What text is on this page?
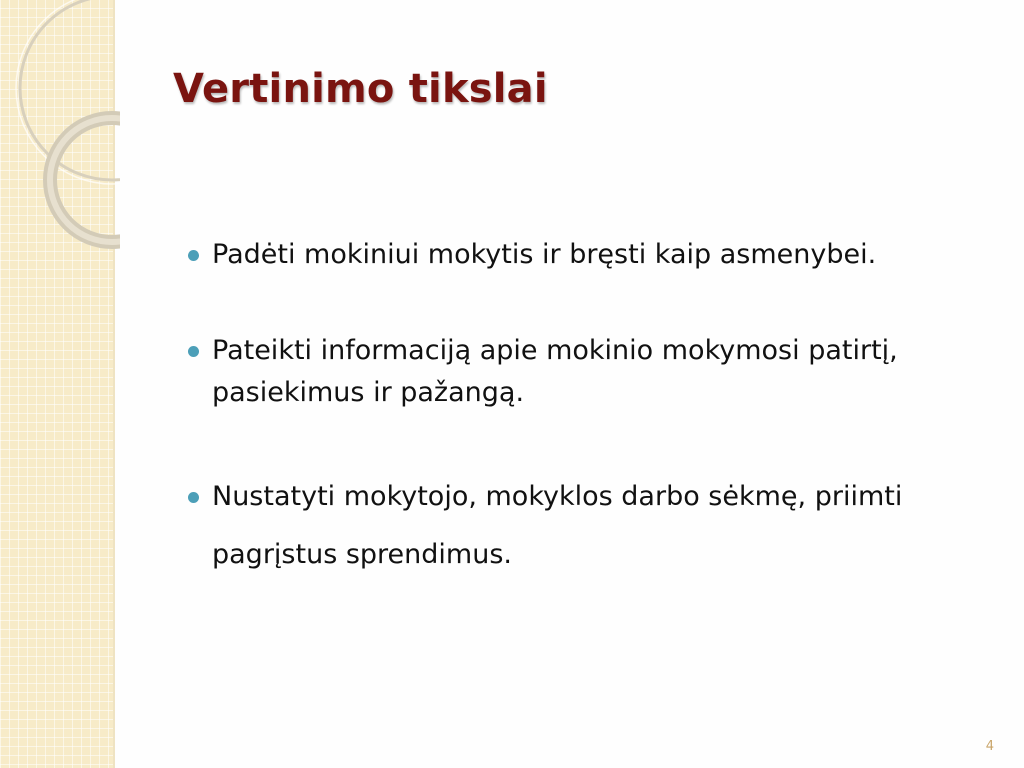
Vertinimo tikslai
Padėti mokiniui mokytis ir bręsti kaip asmenybei.
Pateikti informaciją apie mokinio mokymosi patirtį, pasiekimus ir pažangą.
Nustatyti mokytojo, mokyklos darbo sėkmę, priimti pagrįstus sprendimus.
4
